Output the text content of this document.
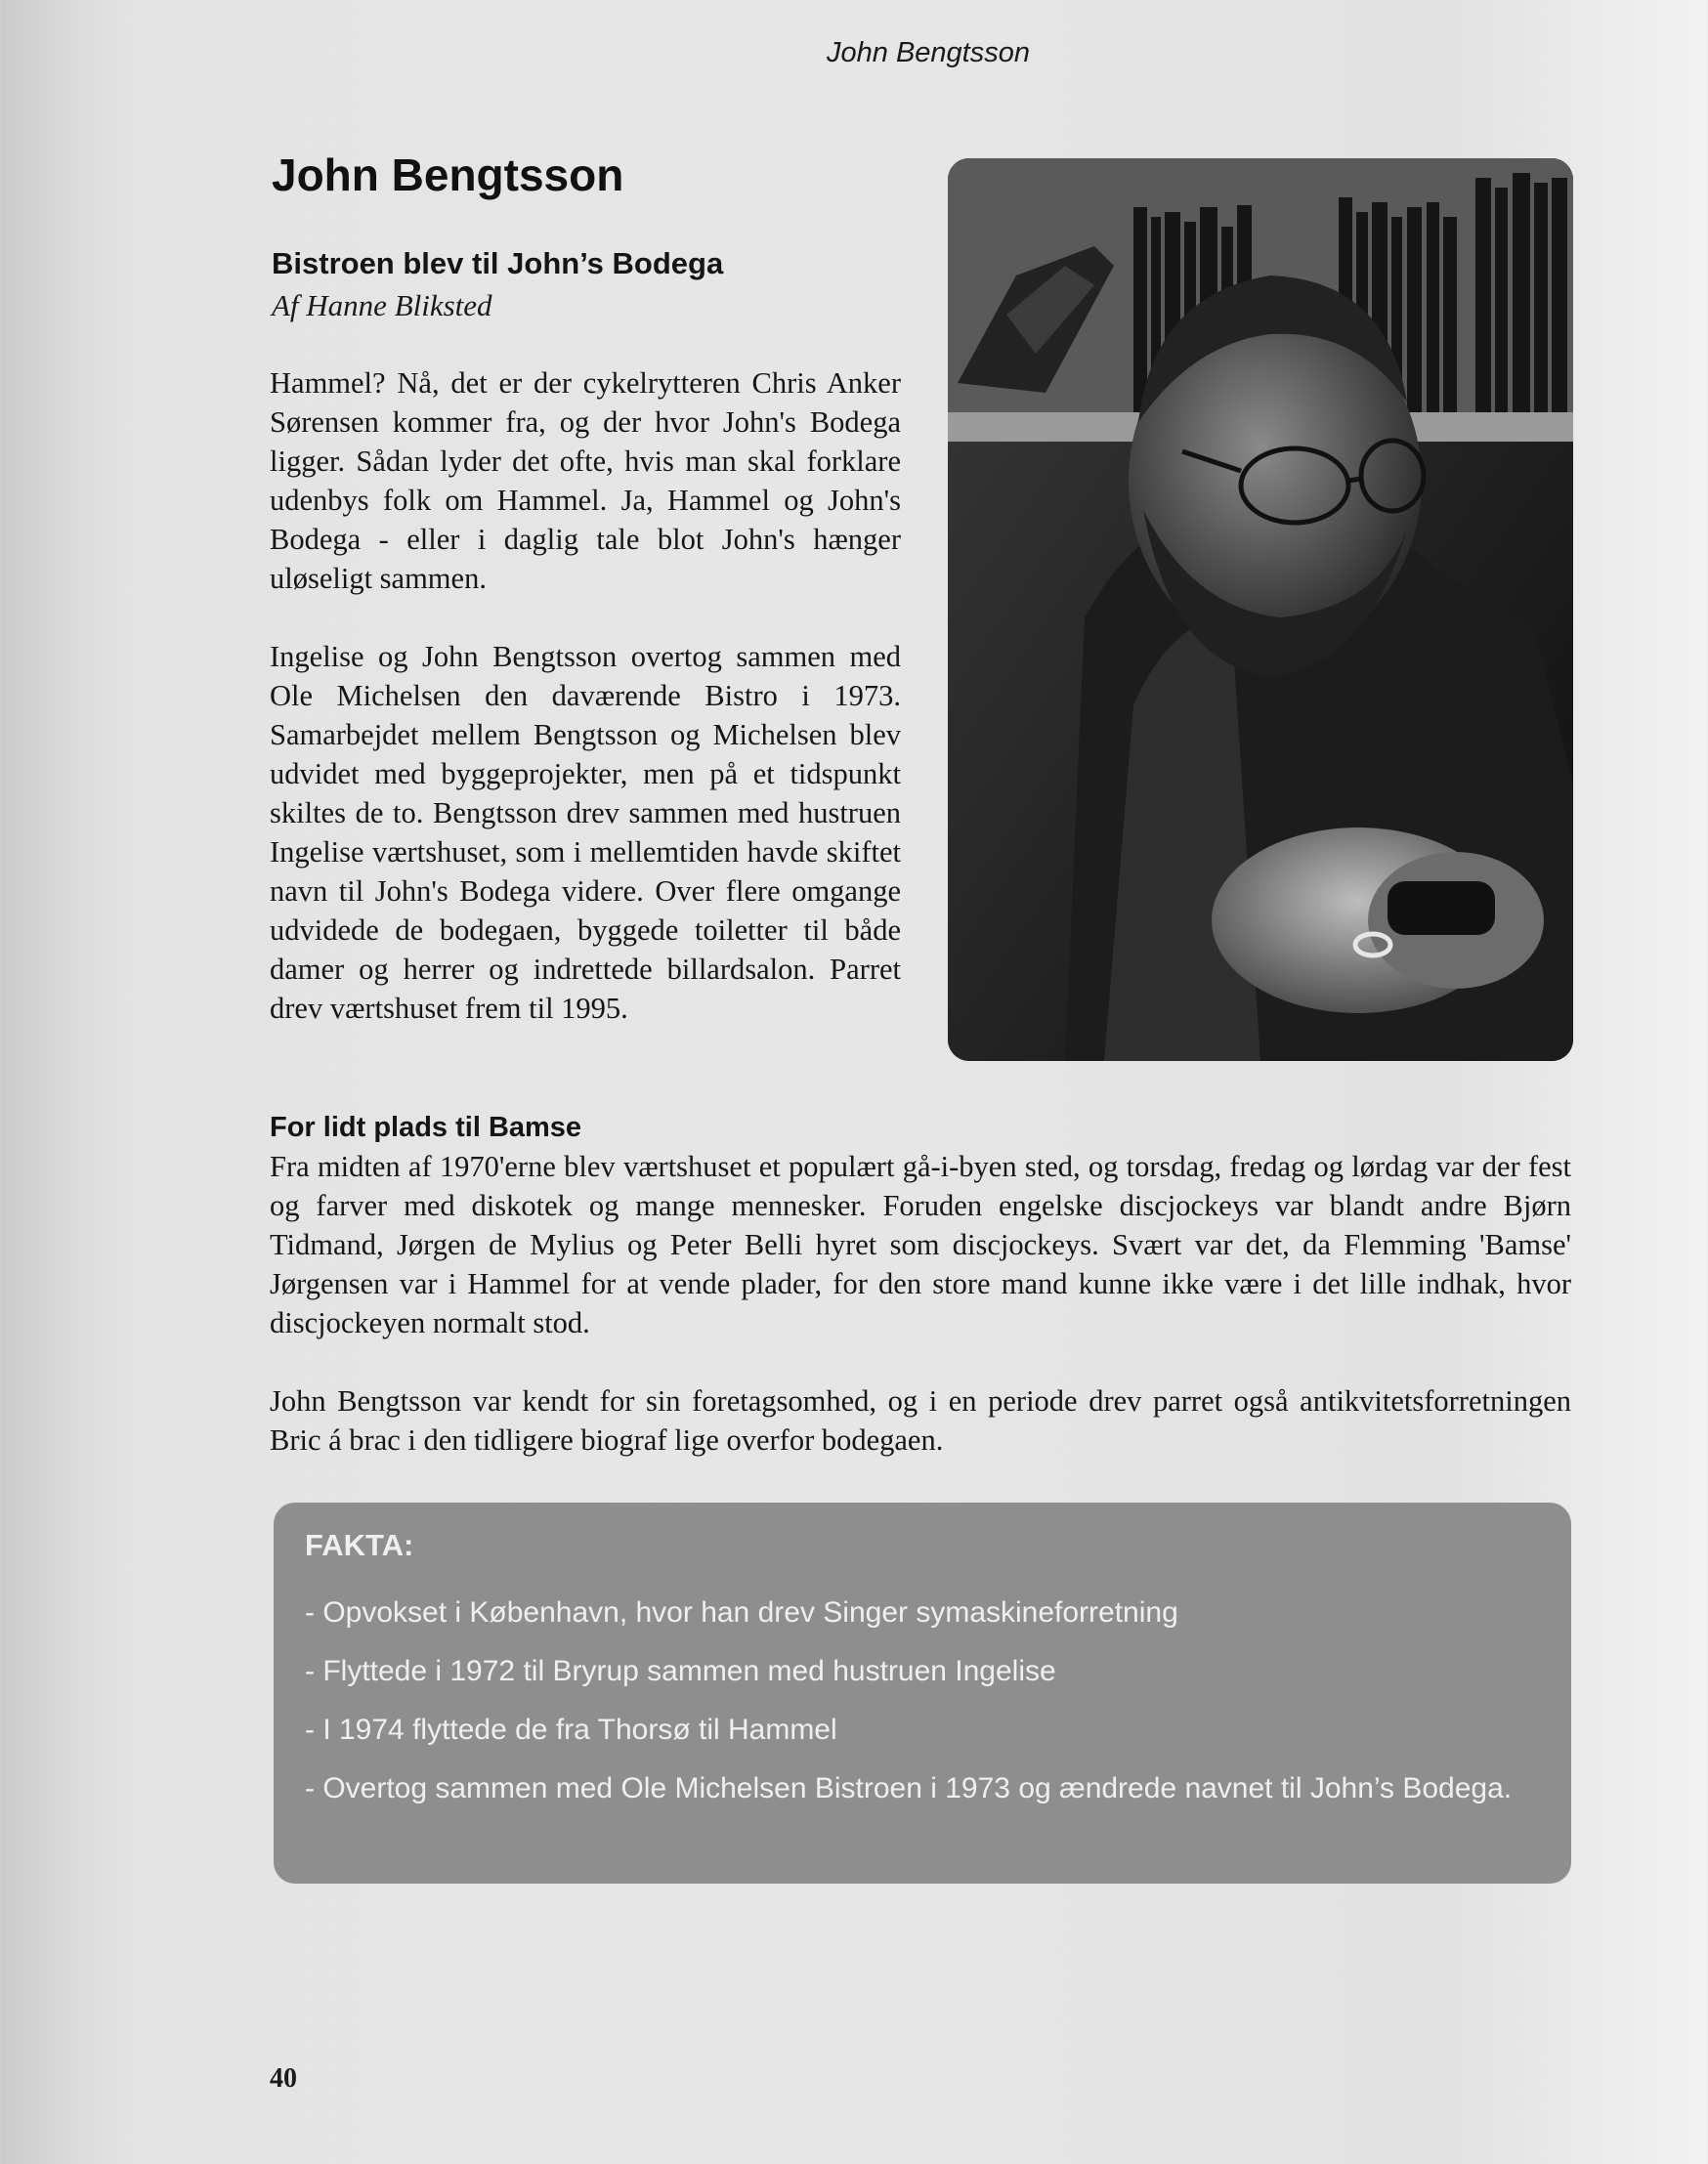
John Bengtsson
John Bengtsson
Bistroen blev til John’s Bodega
Af Hanne Bliksted

Hammel? Nå, det er der cykelrytteren Chris Anker Sørensen kommer fra, og der hvor John's Bodega ligger. Sådan lyder det ofte, hvis man skal forklare udenbys folk om Hammel. Ja, Hammel og John's Bodega - eller i daglig tale blot John's hænger uløseligt sammen.

Ingelise og John Bengtsson overtog sammen med Ole Michelsen den daværende Bistro i 1973. Samarbejdet mellem Bengtsson og Michelsen blev udvidet med byggeprojekter, men på et tidspunkt skiltes de to. Bengtsson drev sammen med hustruen Ingelise værtshuset, som i mellemtiden havde skiftet navn til John's Bodega videre. Over flere omgange udvidede de bodegaen, byggede toiletter til både damer og herrer og indrettede billardsalon. Parret drev værtshuset frem til 1995.

For lidt plads til Bamse

Fra midten af 1970'erne blev værtshuset et populært gå-i-byen sted, og torsdag, fredag og lørdag var der fest og farver med diskotek og mange mennesker. Foruden engelske discjockeys var blandt andre Bjørn Tidmand, Jørgen de Mylius og Peter Belli hyret som discjockeys. Svært var det, da Flemming 'Bamse' Jørgensen var i Hammel for at vende plader, for den store mand kunne ikke være i det lille indhak, hvor discjockeyen normalt stod.

John Bengtsson var kendt for sin foretagsomhed, og i en periode drev parret også antikvitetsforretningen Bric á brac i den tidligere biograf lige overfor bodegaen.

FAKTA:
- Opvokset i København, hvor han drev Singer symaskineforretning
- Flyttede i 1972 til Bryrup sammen med hustruen Ingelise
- I 1974 flyttede de fra Thorsø til Hammel
- Overtog sammen med Ole Michelsen Bistroen i 1973 og ændrede navnet til John’s Bodega.
40
